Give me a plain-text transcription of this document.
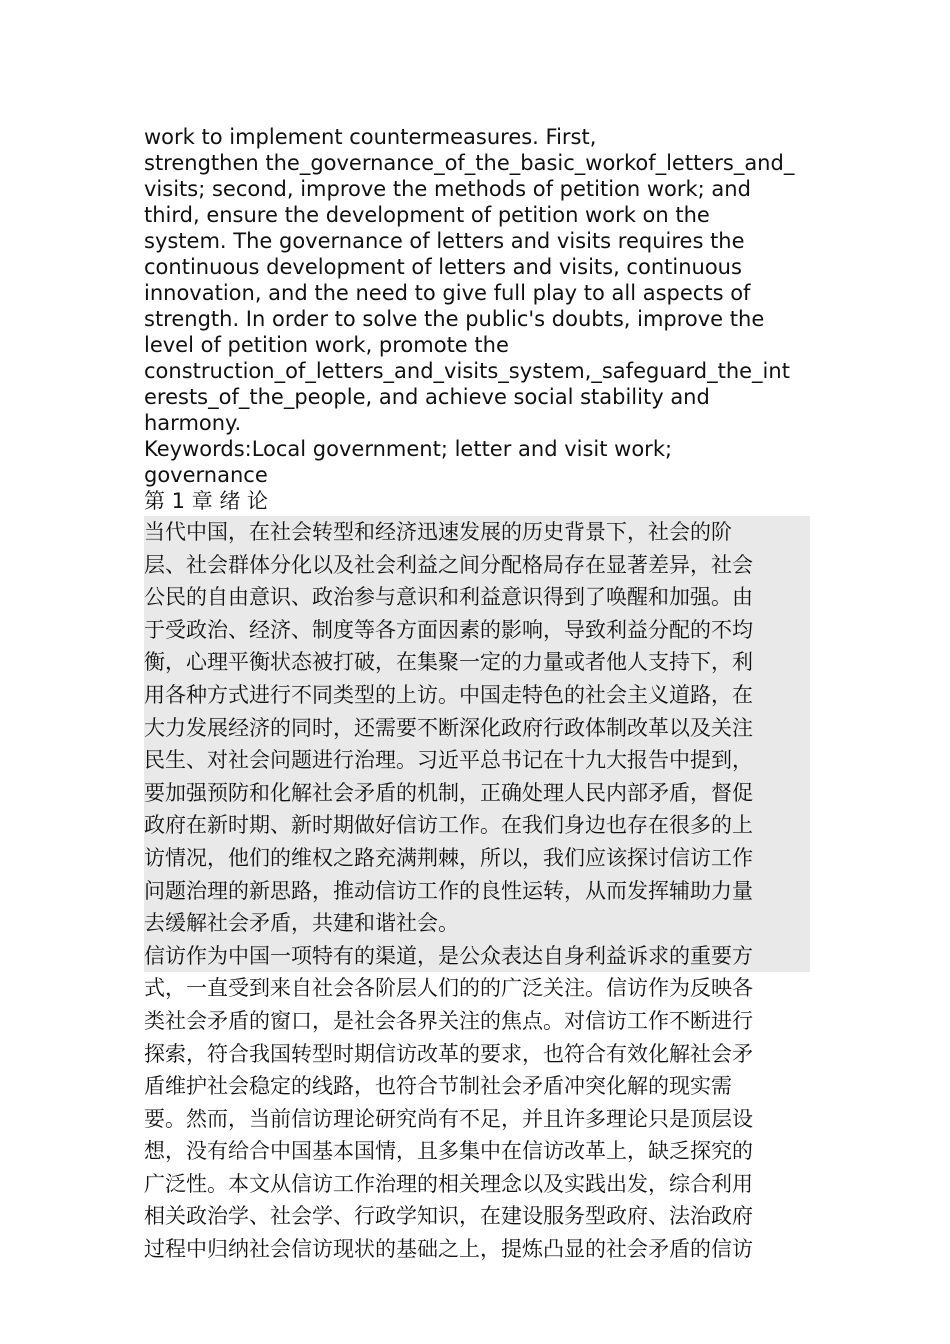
work to implement countermeasures. First,
strengthen the_governance_of_the_basic_workof_letters_and_
visits; second, improve the methods of petition work; and
third, ensure the development of petition work on the
system. The governance of letters and visits requires the
continuous development of letters and visits, continuous
innovation, and the need to give full play to all aspects of
strength. In order to solve the public's doubts, improve the
level of petition work, promote the
construction_of_letters_and_visits_system,_safeguard_the_int
erests_of_the_people, and achieve social stability and
harmony.
Keywords:Local government; letter and visit work;
governance
第 1 章 绪 论
当代中国，在社会转型和经济迅速发展的历史背景下，社会的阶
层、社会群体分化以及社会利益之间分配格局存在显著差异，社会
公民的自由意识、政治参与意识和利益意识得到了唤醒和加强。由
于受政治、经济、制度等各方面因素的影响，导致利益分配的不均
衡，心理平衡状态被打破，在集聚一定的力量或者他人支持下，利
用各种方式进行不同类型的上访。中国走特色的社会主义道路，在
大力发展经济的同时，还需要不断深化政府行政体制改革以及关注
民生、对社会问题进行治理。习近平总书记在十九大报告中提到，
要加强预防和化解社会矛盾的机制，正确处理人民内部矛盾，督促
政府在新时期、新时期做好信访工作。在我们身边也存在很多的上
访情况，他们的维权之路充满荆棘，所以，我们应该探讨信访工作
问题治理的新思路，推动信访工作的良性运转，从而发挥辅助力量
去缓解社会矛盾，共建和谐社会。
信访作为中国一项特有的渠道，是公众表达自身利益诉求的重要方
式，一直受到来自社会各阶层人们的的广泛关注。信访作为反映各
类社会矛盾的窗口，是社会各界关注的焦点。对信访工作不断进行
探索，符合我国转型时期信访改革的要求，也符合有效化解社会矛
盾维护社会稳定的线路，也符合节制社会矛盾冲突化解的现实需
要。然而，当前信访理论研究尚有不足，并且许多理论只是顶层设
想，没有给合中国基本国情，且多集中在信访改革上，缺乏探究的
广泛性。本文从信访工作治理的相关理念以及实践出发，综合利用
相关政治学、社会学、行政学知识，在建设服务型政府、法治政府
过程中归纳社会信访现状的基础之上，提炼凸显的社会矛盾的信访
